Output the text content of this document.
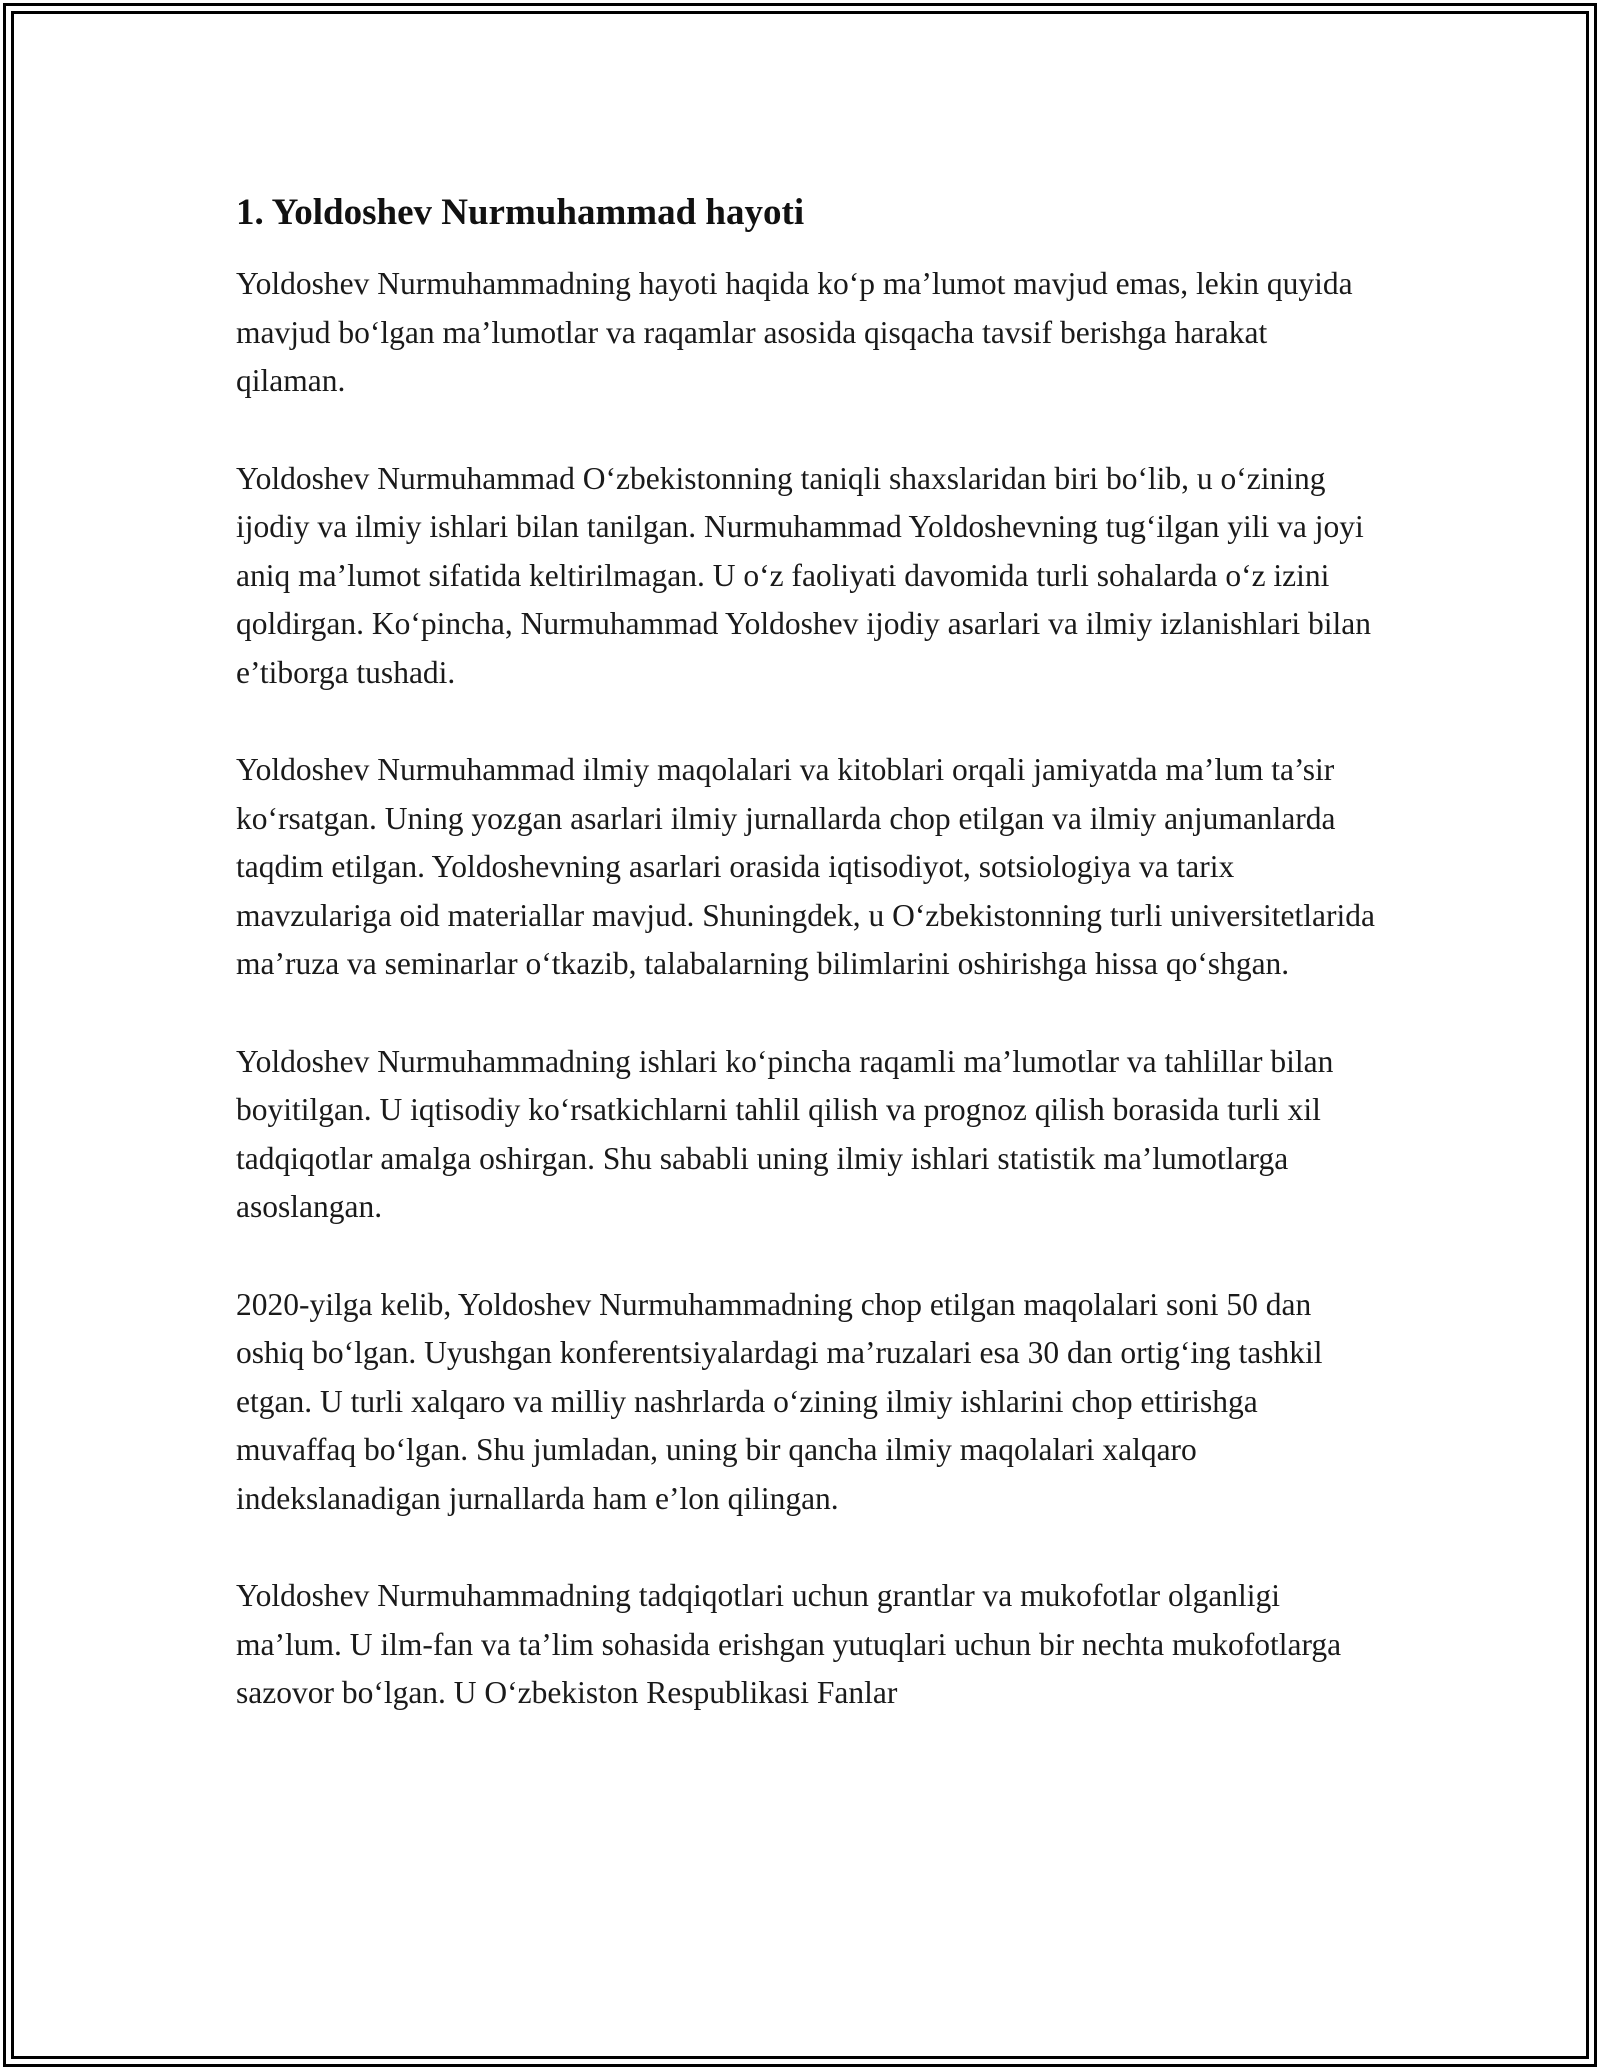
1. Yoldoshev Nurmuhammad hayoti

Yoldoshev Nurmuhammadning hayoti haqida ko‘p ma’lumot mavjud emas, lekin quyida mavjud bo‘lgan ma’lumotlar va raqamlar asosida qisqacha tavsif berishga harakat qilaman.

Yoldoshev Nurmuhammad O‘zbekistonning taniqli shaxslaridan biri bo‘lib, u o‘zining ijodiy va ilmiy ishlari bilan tanilgan. Nurmuhammad Yoldoshevning tug‘ilgan yili va joyi aniq ma’lumot sifatida keltirilmagan. U o‘z faoliyati davomida turli sohalarda o‘z izini qoldirgan. Ko‘pincha, Nurmuhammad Yoldoshev ijodiy asarlari va ilmiy izlanishlari bilan e’tiborga tushadi.

Yoldoshev Nurmuhammad ilmiy maqolalari va kitoblari orqali jamiyatda ma’lum ta’sir ko‘rsatgan. Uning yozgan asarlari ilmiy jurnallarda chop etilgan va ilmiy anjumanlarda taqdim etilgan. Yoldoshevning asarlari orasida iqtisodiyot, sotsiologiya va tarix mavzulariga oid materiallar mavjud. Shuningdek, u O‘zbekistonning turli universitetlarida ma’ruza va seminarlar o‘tkazib, talabalarning bilimlarini oshirishga hissa qo‘shgan.

Yoldoshev Nurmuhammadning ishlari ko‘pincha raqamli ma’lumotlar va tahlillar bilan boyitilgan. U iqtisodiy ko‘rsatkichlarni tahlil qilish va prognoz qilish borasida turli xil tadqiqotlar amalga oshirgan. Shu sababli uning ilmiy ishlari statistik ma’lumotlarga asoslangan.

2020-yilga kelib, Yoldoshev Nurmuhammadning chop etilgan maqolalari soni 50 dan oshiq bo‘lgan. Uyushgan konferentsiyalardagi ma’ruzalari esa 30 dan ortig‘ing tashkil etgan. U turli xalqaro va milliy nashrlarda o‘zining ilmiy ishlarini chop ettirishga muvaffaq bo‘lgan. Shu jumladan, uning bir qancha ilmiy maqolalari xalqaro indekslanadigan jurnallarda ham e’lon qilingan.

Yoldoshev Nurmuhammadning tadqiqotlari uchun grantlar va mukofotlar olganligi ma’lum. U ilm-fan va ta’lim sohasida erishgan yutuqlari uchun bir nechta mukofotlarga sazovor bo‘lgan. U O‘zbekiston Respublikasi Fanlar
